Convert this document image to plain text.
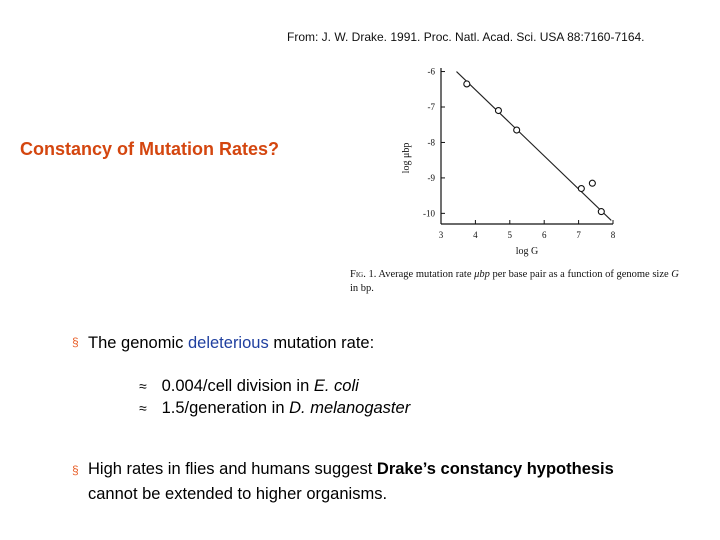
From: J. W. Drake. 1991. Proc. Natl. Acad. Sci. USA 88:7160-7164.
Constancy of Mutation Rates?
3	4	5	6	7	8
-6
-7
-8
-9
-10
log G
log μbp
Fig. 1. Average mutation rate μbp per base pair as a function of genome size G in bp.
§ The genomic deleterious mutation rate:
≈ 0.004/cell division in E. coli
≈ 1.5/generation in D. melanogaster
§ High rates in flies and humans suggest Drake’s constancy hypothesis cannot be extended to higher organisms.
